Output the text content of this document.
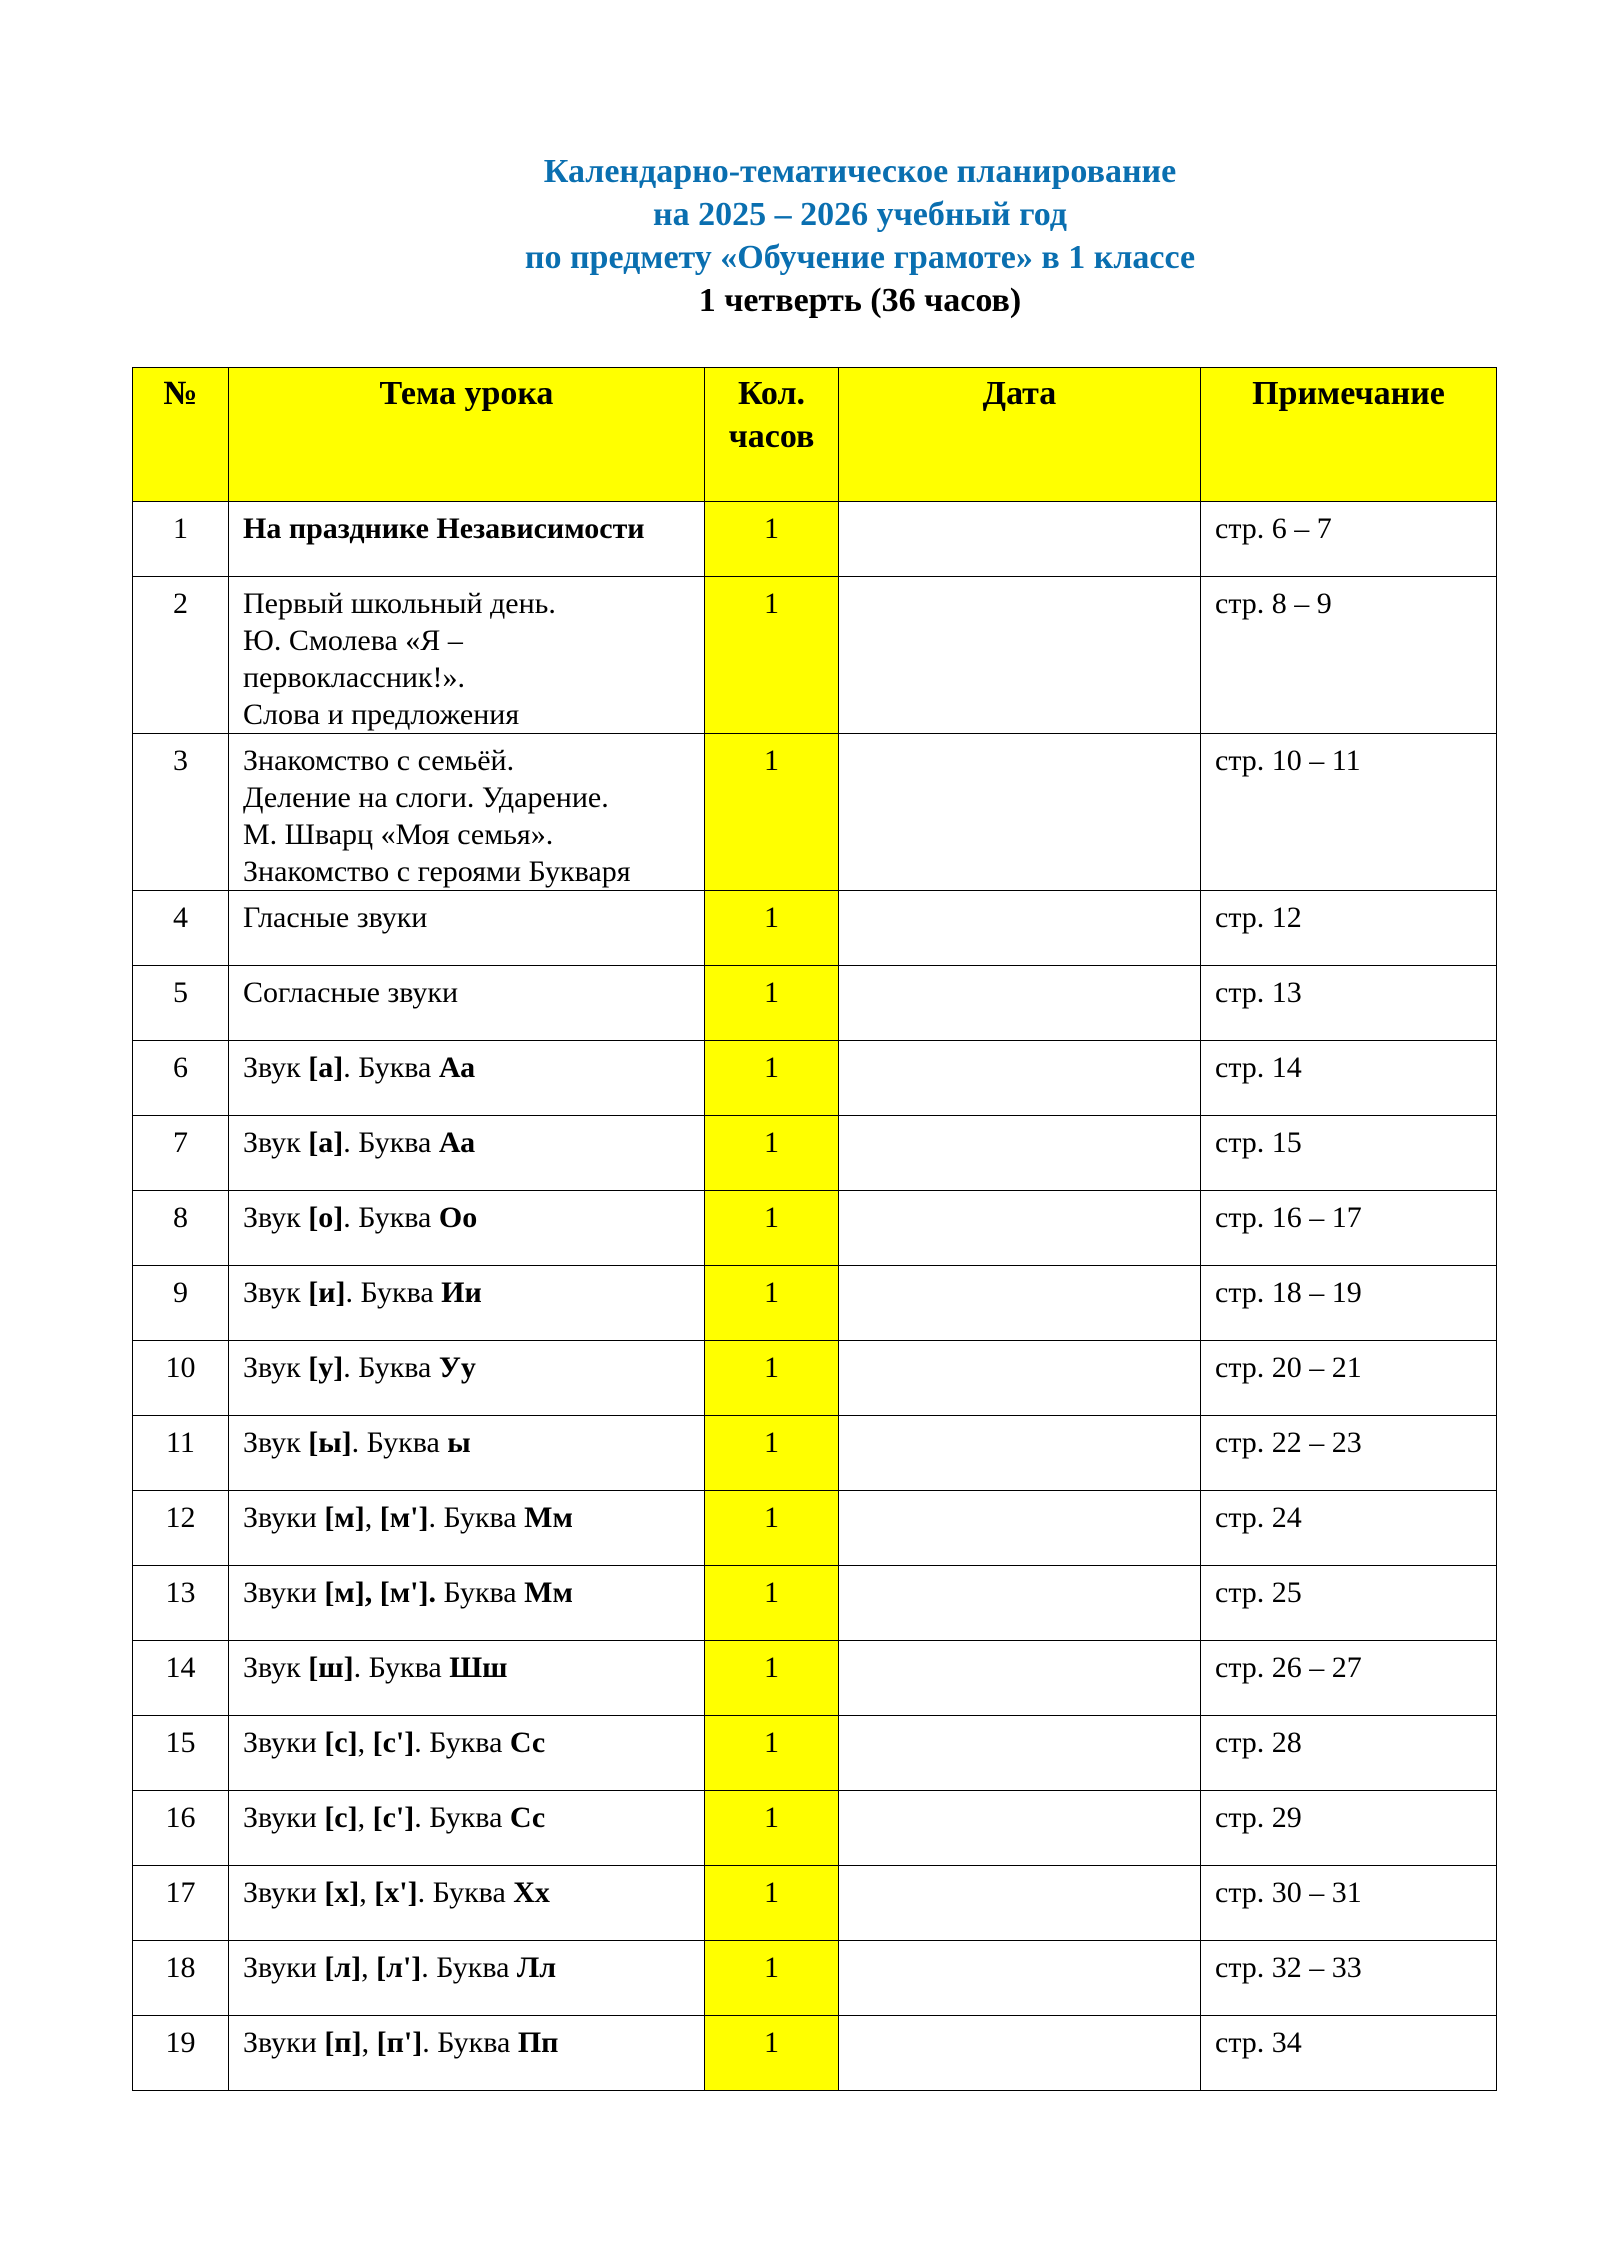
Календарно-тематическое планирование
на 2025 – 2026 учебный год
по предмету «Обучение грамоте» в 1 классе
1 четверть (36 часов)
№	Тема урока	Кол.
часов	Дата	Примечание
1	На празднике Независимости	1		стр. 6 – 7
2	Первый школьный день.
Ю. Смолева «Я –
первоклассник!».
Слова и предложения	1		стр. 8 – 9
3	Знакомство с семьёй.
Деление на слоги. Ударение.
М. Шварц «Моя семья».
Знакомство с героями Букваря	1		стр. 10 – 11
4	Гласные звуки	1		стр. 12
5	Согласные звуки	1		стр. 13
6	Звук [а]. Буква Аа	1		стр. 14
7	Звук [а]. Буква Аа	1		стр. 15
8	Звук [о]. Буква Оо	1		стр. 16 – 17
9	Звук [и]. Буква Ии	1		стр. 18 – 19
10	Звук [у]. Буква Уу	1		стр. 20 – 21
11	Звук [ы]. Буква ы	1		стр. 22 – 23
12	Звуки [м], [м']. Буква Мм	1		стр. 24
13	Звуки [м], [м']. Буква Мм	1		стр. 25
14	Звук [ш]. Буква Шш	1		стр. 26 – 27
15	Звуки [с], [с']. Буква Сс	1		стр. 28
16	Звуки [с], [с']. Буква Сс	1		стр. 29
17	Звуки [х], [х']. Буква Хх	1		стр. 30 – 31
18	Звуки [л], [л']. Буква Лл	1		стр. 32 – 33
19	Звуки [п], [п']. Буква Пп	1		стр. 34
